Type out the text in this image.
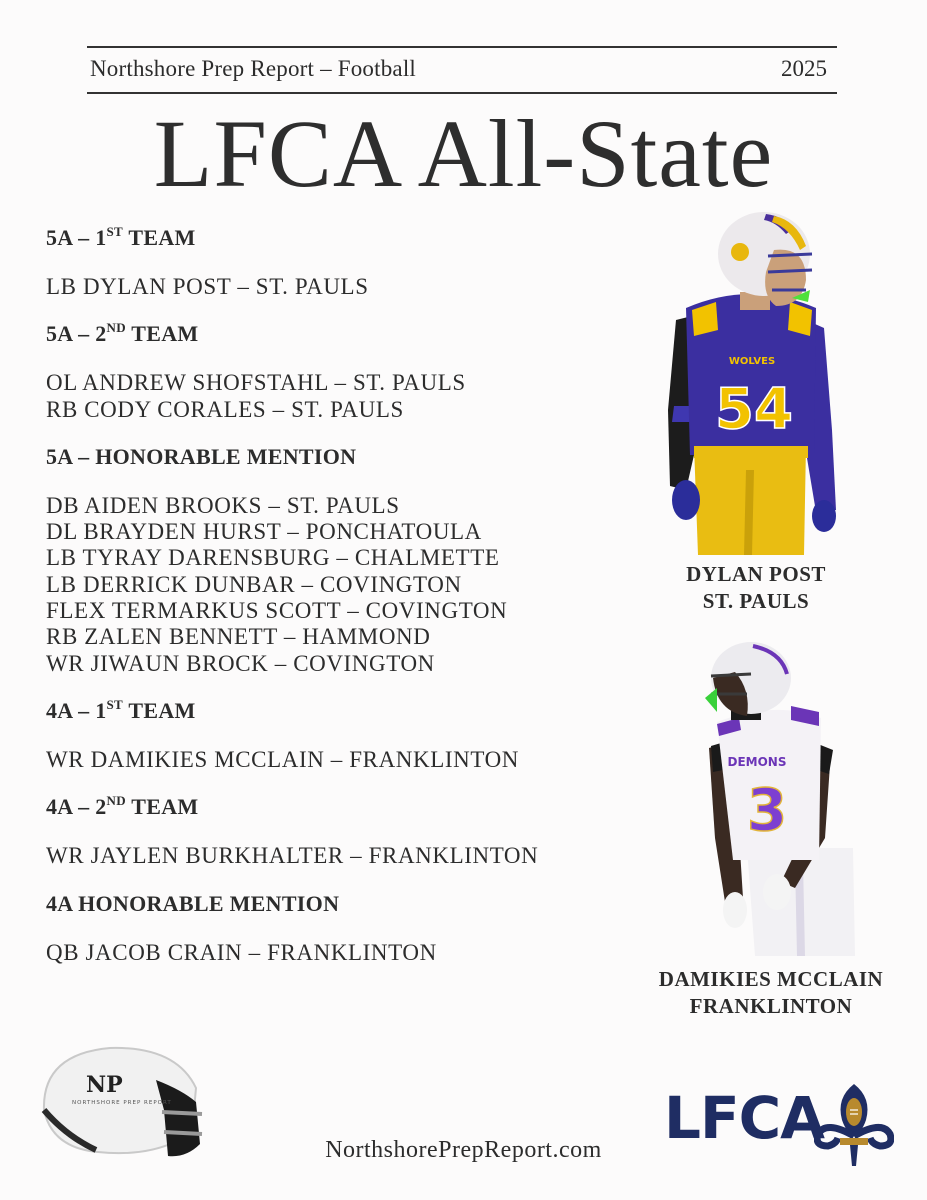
Northshore Prep Report – Football	2025
LFCA All-State
5A – 1ST TEAM
LB DYLAN POST – ST. PAULS
5A – 2ND TEAM
OL ANDREW SHOFSTAHL – ST. PAULS
RB CODY CORALES – ST. PAULS
5A – HONORABLE MENTION
DB AIDEN BROOKS – ST. PAULS
DL BRAYDEN HURST – PONCHATOULA
LB TYRAY DARENSBURG – CHALMETTE
LB DERRICK DUNBAR – COVINGTON
FLEX TERMARKUS SCOTT – COVINGTON
RB ZALEN BENNETT – HAMMOND
WR JIWAUN BROCK – COVINGTON
4A – 1ST TEAM
WR DAMIKIES MCCLAIN – FRANKLINTON
4A – 2ND TEAM
WR JAYLEN BURKHALTER – FRANKLINTON
4A HONORABLE MENTION
QB JACOB CRAIN – FRANKLINTON
WOLVES
54
DYLAN POST
ST. PAULS
DEMONS
3
DAMIKIES MCCLAIN
FRANKLINTON
NP
NORTHSHORE PREP REPORT
NorthshorePrepReport.com	LFCA
